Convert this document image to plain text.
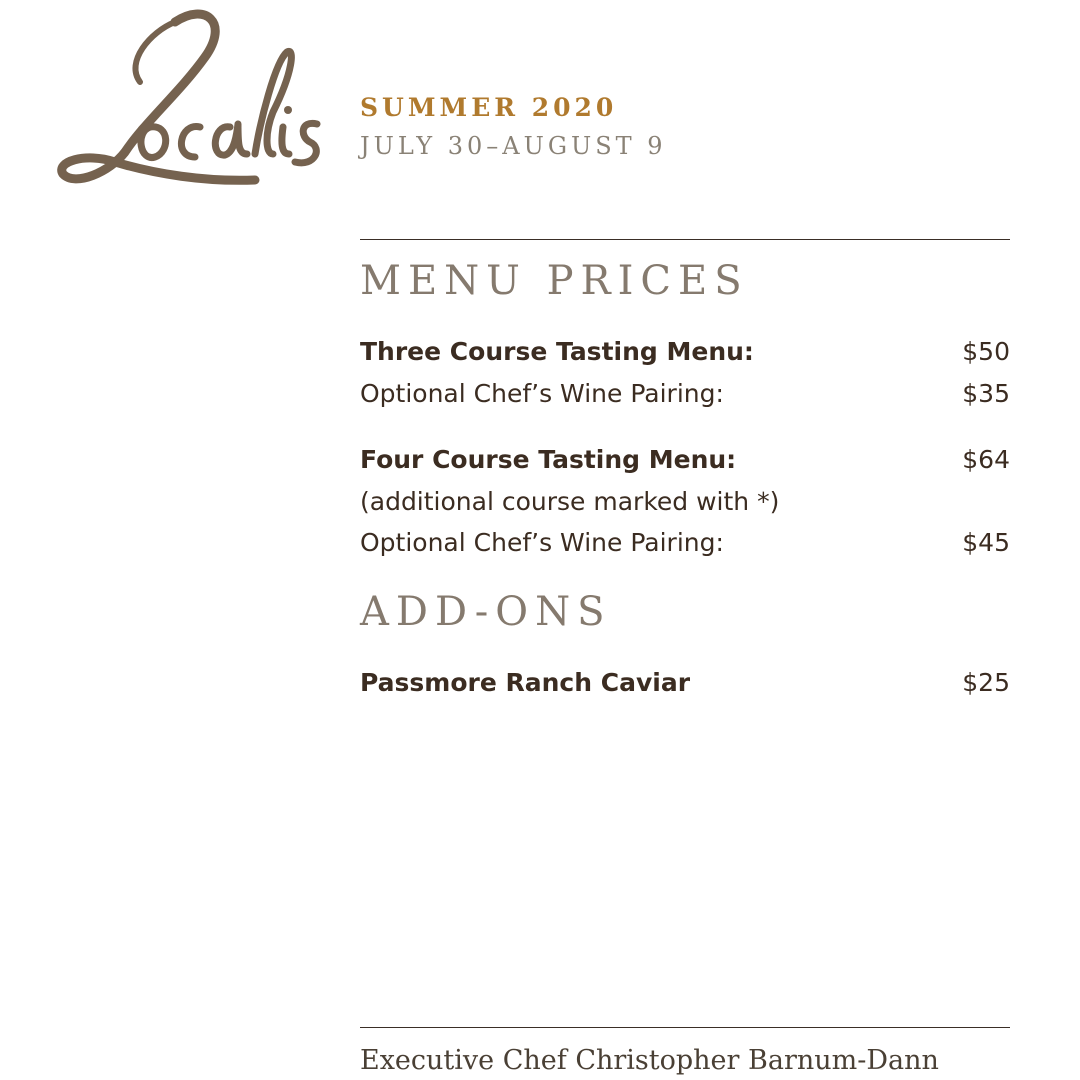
SUMMER 2020
JULY 30–AUGUST 9
MENU PRICES
Three Course Tasting Menu:	$50
Optional Chef’s Wine Pairing:	$35
Four Course Tasting Menu:	$64
(additional course marked with *)
Optional Chef’s Wine Pairing:	$45
ADD-ONS
Passmore Ranch Caviar	$25
Executive Chef Christopher Barnum-Dann
